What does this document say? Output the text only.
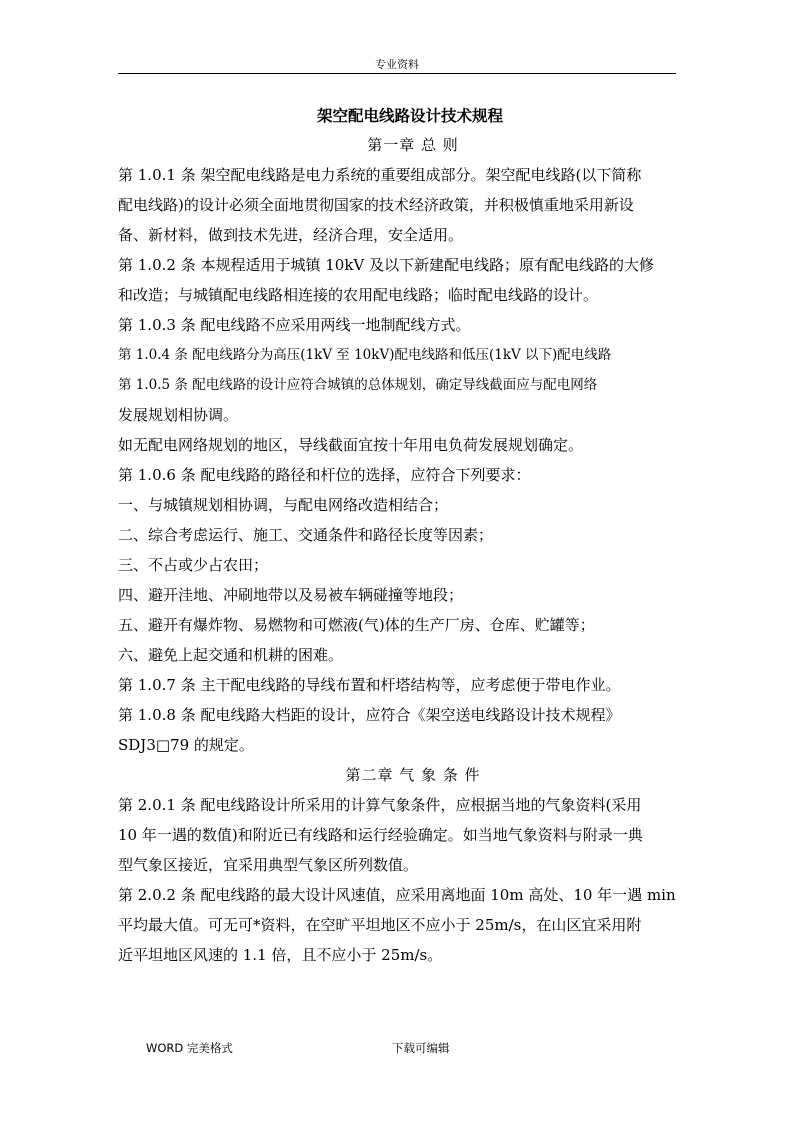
专业资料
架空配电线路设计技术规程
第一章 总 则
第 1.0.1 条 架空配电线路是电力系统的重要组成部分。架空配电线路(以下简称
配电线路)的设计必须全面地贯彻国家的技术经济政策，并积极慎重地采用新设
备、新材料，做到技术先进，经济合理，安全适用。
第 1.0.2 条 本规程适用于城镇 10kV 及以下新建配电线路；原有配电线路的大修
和改造；与城镇配电线路相连接的农用配电线路；临时配电线路的设计。
第 1.0.3 条 配电线路不应采用两线一地制配线方式。
第 1.0.4 条 配电线路分为高压(1kV 至 10kV)配电线路和低压(1kV 以下)配电线路
第 1.0.5 条 配电线路的设计应符合城镇的总体规划，确定导线截面应与配电网络
发展规划相协调。
如无配电网络规划的地区，导线截面宜按十年用电负荷发展规划确定。
第 1.0.6 条 配电线路的路径和杆位的选择，应符合下列要求：
一、与城镇规划相协调，与配电网络改造相结合；
二、综合考虑运行、施工、交通条件和路径长度等因素；
三、不占或少占农田；
四、避开洼地、冲刷地带以及易被车辆碰撞等地段；
五、避开有爆炸物、易燃物和可燃液(气)体的生产厂房、仓库、贮罐等；
六、避免上起交通和机耕的困难。
第 1.0.7 条 主干配电线路的导线布置和杆塔结构等，应考虑便于带电作业。
第 1.0.8 条 配电线路大档距的设计，应符合《架空送电线路设计技术规程》
SDJ3□79 的规定。
第二章 气 象 条 件
第 2.0.1 条 配电线路设计所采用的计算气象条件，应根据当地的气象资料(采用
10 年一遇的数值)和附近已有线路和运行经验确定。如当地气象资料与附录一典
型气象区接近，宜采用典型气象区所列数值。
第 2.0.2 条 配电线路的最大设计风速值，应采用离地面 10m 高处、10 年一遇 min
平均最大值。可无可*资料，在空旷平坦地区不应小于 25m/s，在山区宜采用附
近平坦地区风速的 1.1 倍，且不应小于 25m/s。
WORD 完美格式	下载可编辑
